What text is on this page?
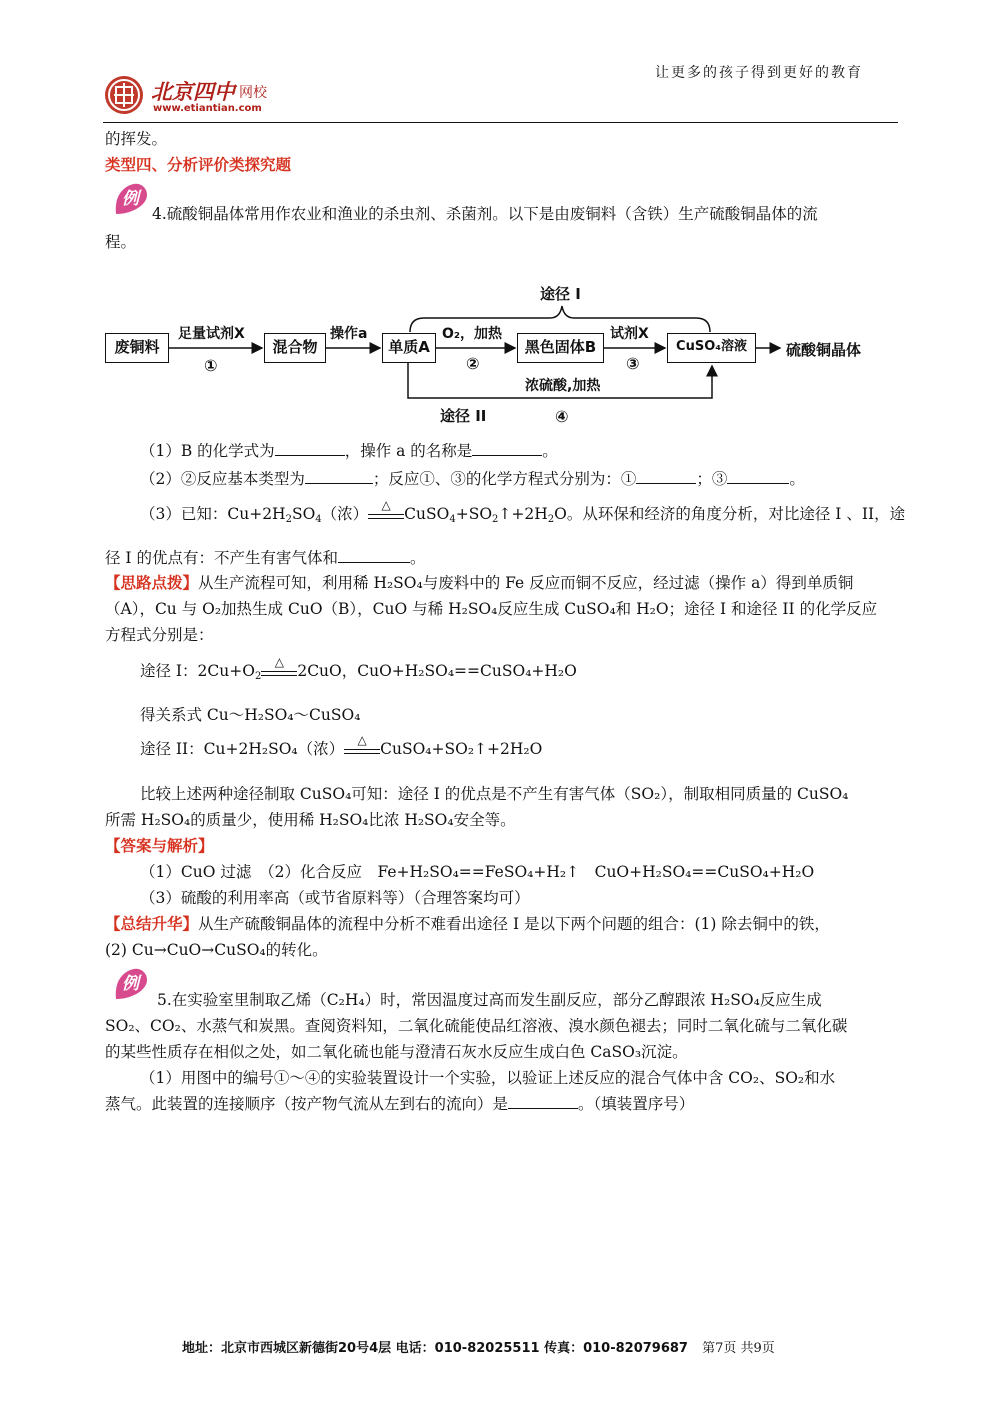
让更多的孩子得到更好的教育
北京四中 网校
www.etiantian.com
的挥发。
类型四、分析评价类探究题
例
4.硫酸铜晶体常用作农业和渔业的杀虫剂、杀菌剂。以下是由废铜料（含铁）生产硫酸铜晶体的流
程。
废铜料	混合物	单质A	黑色固体B	CuSO₄溶液	硫酸铜晶体
足量试剂X
①
操作a	O₂，加热
②
试剂X
③
途径 I
浓硫酸,加热
途径 II	④
（1）B 的化学式为	，操作 a 的名称是	。
（2）②反应基本类型为	；反应①、③的化学方程式分别为：①	；③	。
（3）已知：$Cu+2H_2SO_4$（浓）	△ $CuSO_4+SO_2↑+2H_2O$。从环保和经济的角度分析，对比途径 I 、II，途
径 I 的优点有：不产生有害气体和	。
【思路点拨】从生产流程可知，利用稀 H₂SO₄与废料中的 Fe 反应而铜不反应，经过滤（操作 a）得到单质铜
（A），Cu 与 O₂加热生成 CuO（B），CuO 与稀 H₂SO₄反应生成 CuSO₄和 H₂O；途径 I 和途径 II 的化学反应
方程式分别是：
途径 I：$2Cu+O_2$
△ 2CuO，CuO+H₂SO₄==CuSO₄+H₂O
得关系式 Cu～H₂SO₄～CuSO₄
途径 II：Cu+2H₂SO₄（浓）	△ CuSO₄+SO₂↑+2H₂O
比较上述两种途径制取 CuSO₄可知：途径 I 的优点是不产生有害气体（SO₂），制取相同质量的 CuSO₄
所需 H₂SO₄的质量少，使用稀 H₂SO₄比浓 H₂SO₄安全等。
【答案与解析】
（1）CuO 过滤　（2）化合反应　Fe+H₂SO₄==FeSO₄+H₂↑　CuO+H₂SO₄==CuSO₄+H₂O
（3）硫酸的利用率高（或节省原料等）（合理答案均可）
【总结升华】从生产硫酸铜晶体的流程中分析不难看出途径 I 是以下两个问题的组合：(1) 除去铜中的铁，
(2) Cu→CuO→CuSO₄的转化。
例
5.在实验室里制取乙烯（C₂H₄）时，常因温度过高而发生副反应，部分乙醇跟浓 H₂SO₄反应生成
SO₂、CO₂、水蒸气和炭黑。查阅资料知，二氧化硫能使品红溶液、溴水颜色褪去；同时二氧化硫与二氧化碳
的某些性质存在相似之处，如二氧化硫也能与澄清石灰水反应生成白色 CaSO₃沉淀。
（1）用图中的编号①～④的实验装置设计一个实验，以验证上述反应的混合气体中含 CO₂、SO₂和水
蒸气。此装置的连接顺序（按产物气流从左到右的流向）是	。（填装置序号）
地址：北京市西城区新德街20号4层 电话：010-82025511 传真：010-82079687 第7页 共9页
